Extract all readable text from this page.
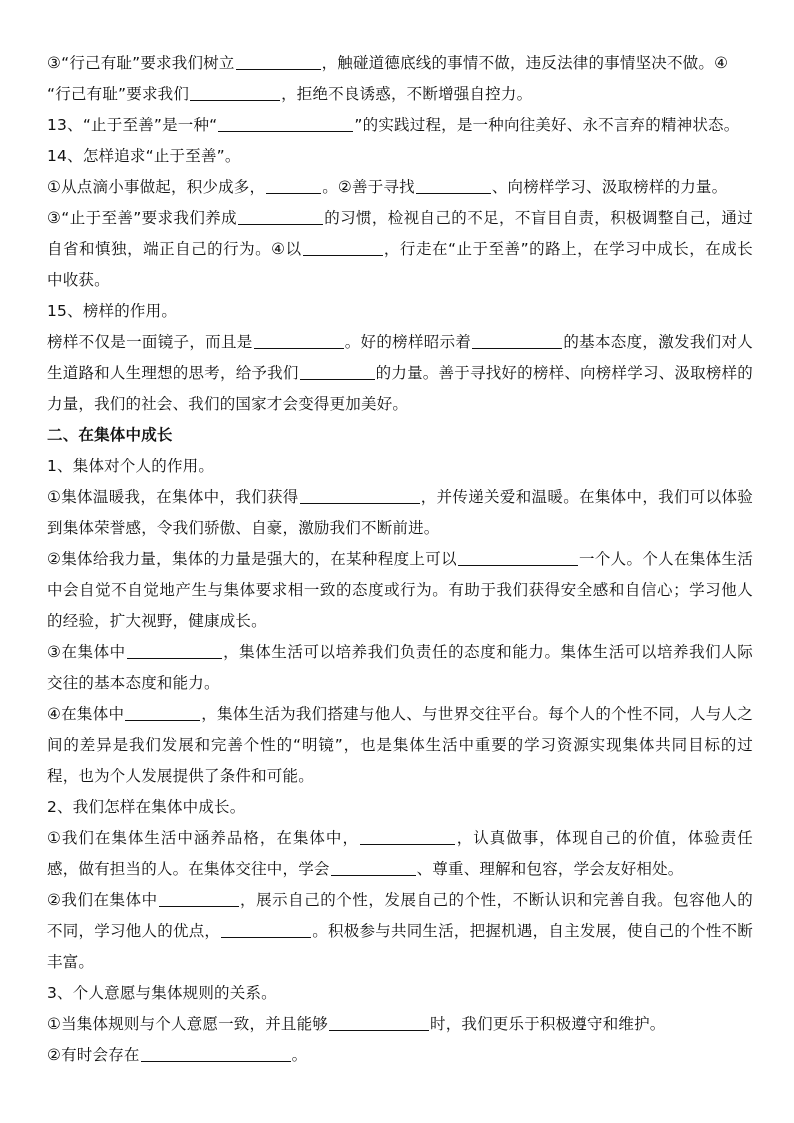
③“行己有耻”要求我们树立	，触碰道德底线的事情不做，违反法律的事情坚决不做。④
“行己有耻”要求我们	，拒绝不良诱惑，不断增强自控力。

13、“止于至善”是一种“	”的实践过程，是一种向往美好、永不言弃的精神状态。

14、怎样追求“止于至善”。

①从点滴小事做起，积少成多，	。②善于寻找	、向榜样学习、汲取榜样的力量。

③“止于至善”要求我们养成	的习惯，检视自己的不足，不盲目自责，积极调整自己，通过自省和慎独，端正自己的行为。④以	，行走在“止于至善”的路上，在学习中成长，在成长中收获。

15、榜样的作用。

榜样不仅是一面镜子，而且是	。好的榜样昭示着	的基本态度，激发我们对人生道路和人生理想的思考，给予我们	的力量。善于寻找好的榜样、向榜样学习、汲取榜样的力量，我们的社会、我们的国家才会变得更加美好。

二、在集体中成长

1、集体对个人的作用。

①集体温暖我，在集体中，我们获得	，并传递关爱和温暖。在集体中，我们可以体验到集体荣誉感，令我们骄傲、自豪，激励我们不断前进。

②集体给我力量，集体的力量是强大的，在某种程度上可以	一个人。个人在集体生活中会自觉不自觉地产生与集体要求相一致的态度或行为。有助于我们获得安全感和自信心；学习他人的经验，扩大视野，健康成长。

③在集体中	，集体生活可以培养我们负责任的态度和能力。集体生活可以培养我们人际交往的基本态度和能力。

④在集体中	，集体生活为我们搭建与他人、与世界交往平台。每个人的个性不同，人与人之间的差异是我们发展和完善个性的“明镜”，也是集体生活中重要的学习资源实现集体共同目标的过程，也为个人发展提供了条件和可能。

2、我们怎样在集体中成长。

①我们在集体生活中涵养品格，在集体中，	，认真做事，体现自己的价值，体验责任感，做有担当的人。在集体交往中，学会	、尊重、理解和包容，学会友好相处。

②我们在集体中	，展示自己的个性，发展自己的个性，不断认识和完善自我。包容他人的不同，学习他人的优点，	。积极参与共同生活，把握机遇，自主发展，使自己的个性不断丰富。

3、个人意愿与集体规则的关系。

①当集体规则与个人意愿一致，并且能够	时，我们更乐于积极遵守和维护。

②有时会存在	。
